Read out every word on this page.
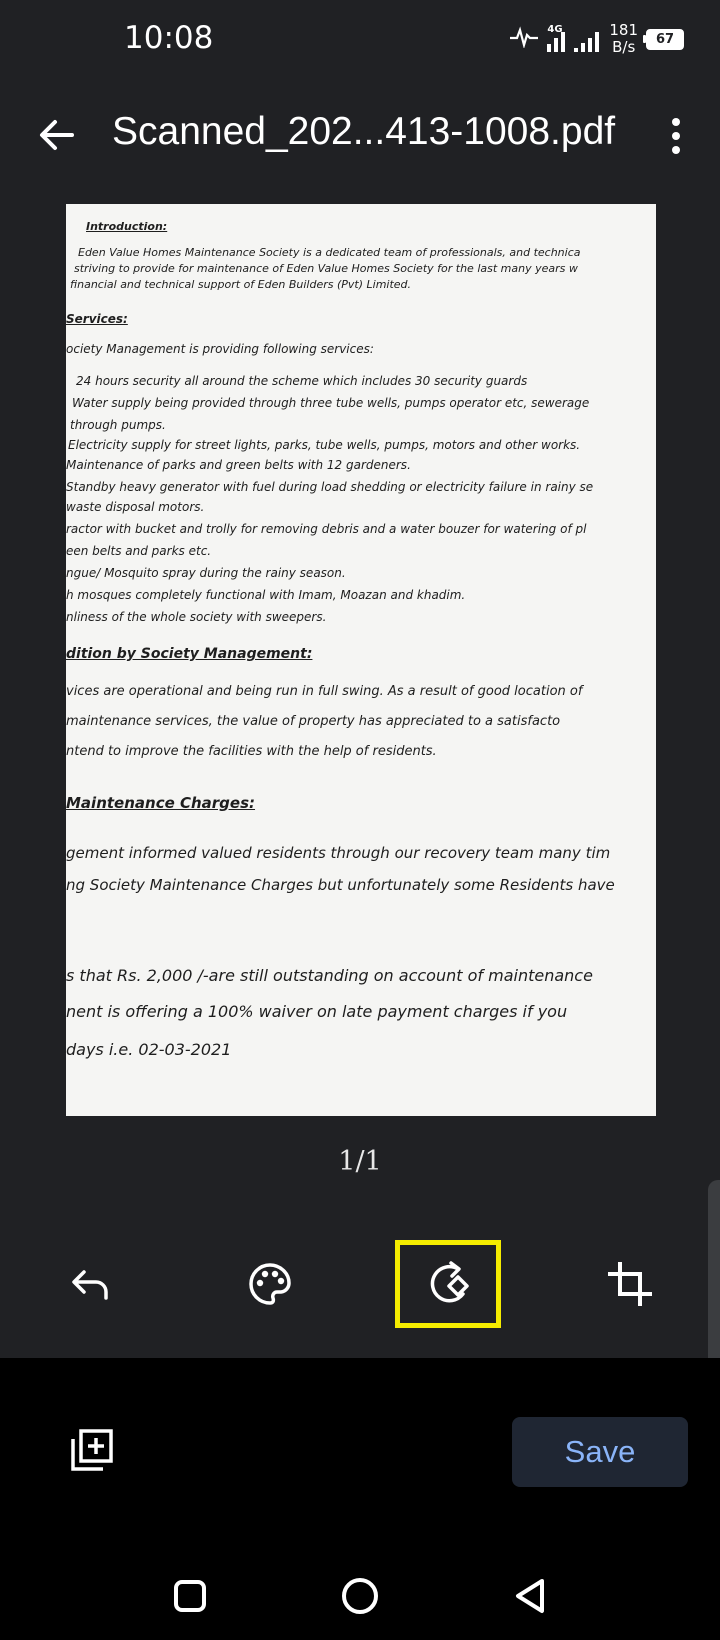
10:08	4G	181
B/s 67
Scanned_202...413-1008.pdf
Introduction:
Eden Value Homes Maintenance Society is a dedicated team of professionals, and technica
striving to provide for maintenance of Eden Value Homes Society for the last many years w
financial and technical support of Eden Builders (Pvt) Limited.
Services:
ociety Management is providing following services:
24 hours security all around the scheme which includes 30 security guards
Water supply being provided through three tube wells, pumps operator etc, sewerage
through pumps.
Electricity supply for street lights, parks, tube wells, pumps, motors and other works.
Maintenance of parks and green belts with 12 gardeners.
Standby heavy generator with fuel during load shedding or electricity failure in rainy se
waste disposal motors.
ractor with bucket and trolly for removing debris and a water bouzer for watering of pl
een belts and parks etc.
ngue/ Mosquito spray during the rainy season.
h mosques completely functional with Imam, Moazan and khadim.
nliness of the whole society with sweepers.
dition by Society Management:
vices are operational and being run in full swing. As a result of good location of
maintenance services, the value of property has appreciated to a satisfacto
ntend to improve the facilities with the help of residents.
Maintenance Charges:
gement informed valued residents through our recovery team many tim
ng Society Maintenance Charges but unfortunately some Residents have
s that Rs. 2,000 /-are still outstanding on account of maintenance
nent is offering a 100% waiver on late payment charges if you
days i.e. 02-03-2021
1/1
Save
